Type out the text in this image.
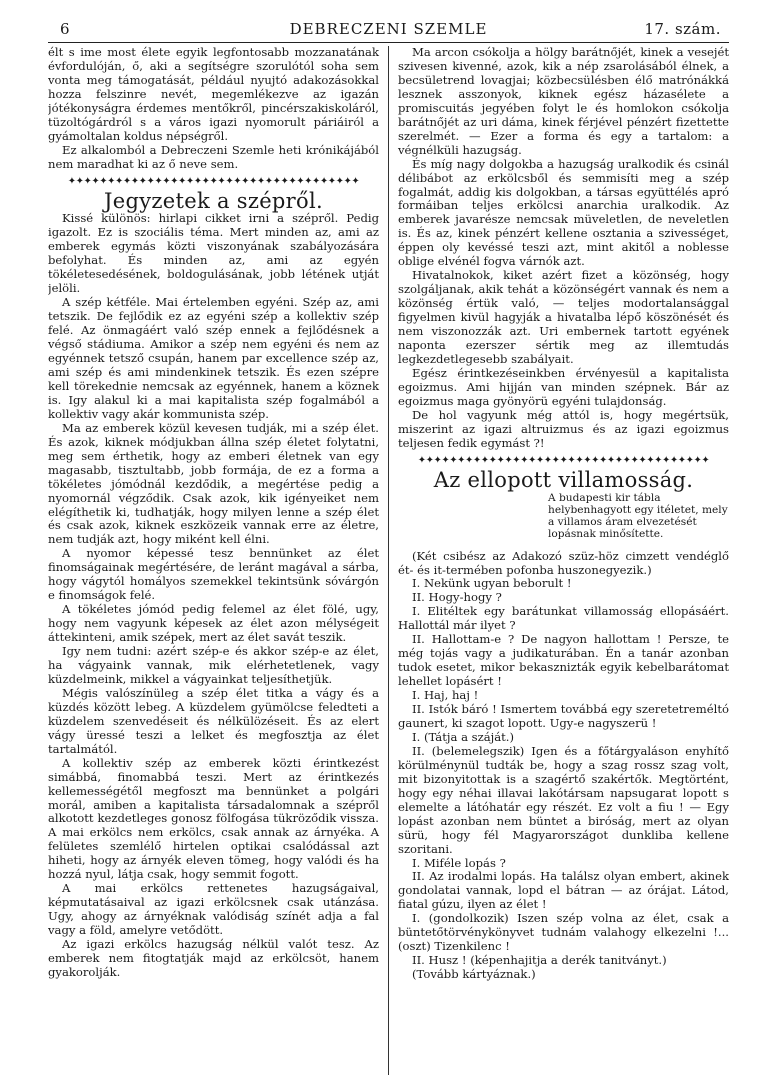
6	DEBRECZENI SZEMLE	17. szám.

élt s ime most élete egyik legfontosabb mozzanatának évfordulóján, ő, aki a segítségre szorulótól soha sem vonta meg támogatását, például nyujtó adakozásokkal hozza felszinre nevét, megemlékezve az igazán jótékonyságra érdemes mentőkről, pincérszakiskoláról, tüzoltógárdról s a város igazi nyomorult páriáiról a gyámoltalan koldus népségről.

Ez alkalomból a Debreczeni Szemle heti krónikájából nem maradhat ki az ő neve sem.

✦✦✦✦✦✦✦✦✦✦✦✦✦✦✦✦✦✦✦✦✦✦✦✦✦✦✦✦✦✦✦✦✦✦✦✦✦
Jegyzetek a szépről.

Kissé különös: hirlapi cikket irni a szépről. Pedig igazolt. Ez is szociális téma. Mert minden az, ami az emberek egymás közti viszonyának szabályozására befolyhat. És minden az, ami az egyén tökéletesedésének, boldogulásának, jobb létének utját jelöli.

A szép kétféle. Mai értelemben egyéni. Szép az, ami tetszik. De fejlődik ez az egyéni szép a kollektiv szép felé. Az önmagáért való szép ennek a fejlődésnek a végső stádiuma. Amikor a szép nem egyéni és nem az egyénnek tetsző csupán, hanem par excellence szép az, ami szép és ami mindenkinek tetszik. És ezen szépre kell törekednie nemcsak az egyénnek, hanem a köznek is. Igy alakul ki a mai kapitalista szép fogalmából a kollektiv vagy akár kommunista szép.

Ma az emberek közül kevesen tudják, mi a szép élet. És azok, kiknek módjukban állna szép életet folytatni, meg sem érthetik, hogy az emberi életnek van egy magasabb, tisztultabb, jobb formája, de ez a forma a tökéletes jómódnál kezdődik, a megértése pedig a nyomornál végződik. Csak azok, kik igényeiket nem elégíthetik ki, tudhatják, hogy milyen lenne a szép élet és csak azok, kiknek eszközeik vannak erre az életre, nem tudják azt, hogy miként kell élni.

A nyomor képessé tesz bennünket az élet finomságainak megértésére, de leránt magával a sárba, hogy vágytól homályos szemekkel tekintsünk sóvárgón e finomságok felé.

A tökéletes jómód pedig felemel az élet fölé, ugy, hogy nem vagyunk képesek az élet azon mélységeit áttekinteni, amik szépek, mert az élet savát teszik.

Igy nem tudni: azért szép-e és akkor szép-e az élet, ha vágyaink vannak, mik elérhetetlenek, vagy küzdelmeink, mikkel a vágyainkat teljesíthetjük.

Mégis valószínüleg a szép élet titka a vágy és a küzdés között lebeg. A küzdelem gyümölcse feledteti a küzdelem szenvedéseit és nélkülözéseit. És az elert vágy üressé teszi a lelket és megfosztja az élet tartalmától.

A kollektiv szép az emberek közti érintkezést simábbá, finomabbá teszi. Mert az érintkezés kellemességétől megfoszt ma bennünket a polgári morál, amiben a kapitalista társadalomnak a szépről alkotott kezdetleges gonosz fölfogása tükröződik vissza. A mai erkölcs nem erkölcs, csak annak az árnyéka. A felületes szemlélő hirtelen optikai csalódással azt hiheti, hogy az árnyék eleven tömeg, hogy valódi és ha hozzá nyul, látja csak, hogy semmit fogott.

A mai erkölcs rettenetes hazugságaival, képmutatásaival az igazi erkölcsnek csak utánzása. Ugy, ahogy az árnyéknak valódiság színét adja a fal vagy a föld, amelyre vetődött.

Az igazi erkölcs hazugság nélkül valót tesz. Az emberek nem fitogtatják majd az erkölcsöt, hanem gyakorolják.

Ma arcon csókolja a hölgy barátnőjét, kinek a vesejét szivesen kivenné, azok, kik a nép zsarolásából élnek, a becsületrend lovagjai; közbecsülésben élő matrónákká lesznek asszonyok, kiknek egész házasélete a promiscuitás jegyében folyt le és homlokon csókolja barátnőjét az uri dáma, kinek férjével pénzért fizettette szerelmét. — Ezer a forma és egy a tartalom: a végnélküli hazugság.

És míg nagy dolgokba a hazugság uralkodik és csinál délibábot az erkölcsből és semmisíti meg a szép fogalmát, addig kis dolgokban, a társas együttélés apró formáiban teljes erkölcsi anarchia uralkodik. Az emberek javarésze nemcsak müveletlen, de neveletlen is. És az, kinek pénzért kellene osztania a szivességet, éppen oly kevéssé teszi azt, mint akitől a noblesse oblige elvénél fogva várnók azt.

Hivatalnokok, kiket azért fizet a közönség, hogy szolgáljanak, akik tehát a közönségért vannak és nem a közönség értük való, — teljes modortalansággal figyelmen kivül hagyják a hivatalba lépő köszönését és nem viszonozzák azt. Uri embernek tartott egyének naponta ezerszer sértik meg az illemtudás legkezdetlegesebb szabályait.

Egész érintkezéseinkben érvényesül a kapitalista egoizmus. Ami hijján van minden szépnek. Bár az egoizmus maga gyönyörü egyéni tulajdonság.

De hol vagyunk még attól is, hogy megértsük, miszerint az igazi altruizmus és az igazi egoizmus teljesen fedik egymást ?!

✦✦✦✦✦✦✦✦✦✦✦✦✦✦✦✦✦✦✦✦✦✦✦✦✦✦✦✦✦✦✦✦✦✦✦✦✦
Az ellopott villamosság.

A budapesti kir tábla helybenhagyott egy itéletet, mely a villamos áram elvezetését lopásnak minősítette.

(Két csibész az Adakozó szüz-höz cimzett vendéglő ét- és it-termében pofonba huszonegyezik.)

I. Nekünk ugyan beborult !

II. Hogy-hogy ?

I. Elitéltek egy barátunkat villamosság ellopásáért. Hallottál már ilyet ?

II. Hallottam-e ? De nagyon hallottam ! Persze, te még tojás vagy a judikaturában. Én a tanár azonban tudok esetet, mikor bekasznizták egyik kebelbarátomat lehellet lopásért !

I. Haj, haj !

II. Istók báró ! Ismertem továbbá egy szeretetreméltó gaunert, ki szagot lopott. Ugy-e nagyszerü !

I. (Tátja a száját.)

II. (belemelegszik) Igen és a főtárgyaláson enyhítő körülménynül tudták be, hogy a szag rossz szag volt, mit bizonyitottak is a szagértő szakértők. Megtörtént, hogy egy néhai illavai lakótársam napsugarat lopott s elemelte a látóhatár egy részét. Ez volt a fiu ! — Egy lopást azonban nem büntet a biróság, mert az olyan sürü, hogy fél Magyarországot dunkliba kellene szoritani.

I. Miféle lopás ?

II. Az irodalmi lopás. Ha találsz olyan embert, akinek gondolatai vannak, lopd el bátran — az órájat. Látod, fiatal gúzu, ilyen az élet !

I. (gondolkozik) Iszen szép volna az élet, csak a büntetőtörvénykönyvet tudnám valahogy elkezelni !... (oszt) Tizenkilenc !

II. Husz ! (képenhajitja a derék tanitványt.)

(Tovább kártyáznak.)
